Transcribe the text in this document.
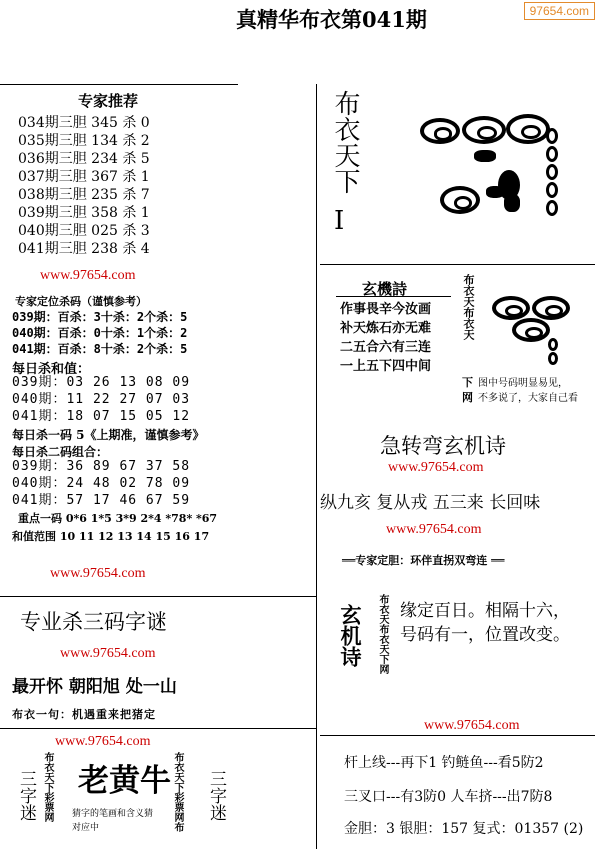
97654.com
真精华布衣第041期
专家推荐
034期三胆 345 杀 0
035期三胆 134 杀 2
036期三胆 234 杀 5
037期三胆 367 杀 1
038期三胆 235 杀 7
039期三胆 358 杀 1
040期三胆 025 杀 3
041期三胆 238 杀 4
www.97654.com
专家定位杀码（谨慎参考）
039期：百杀：3十杀：2个杀：5
040期：百杀：0十杀：1个杀：2
041期：百杀：8十杀：2个杀：5
每日杀和值：
039期：03 26 13 08 09
040期：11 22 27 07 03
041期：18 07 15 05 12
每日杀一码 5《上期准，谨慎参考》
每日杀二码组合：
039期：36 89 67 37 58
040期：24 48 02 78 09
041期：57 17 46 67 59
重点一码 0*6 1*5 3*9 2*4 *78* *67
和值范围 10 11 12 13 14 15 16 17
www.97654.com
专业杀三码字谜
www.97654.com
最开怀 朝阳旭 处一山
布衣一句：机遇重来把猪定
www.97654.com
三字迷 布衣天下彩票网 老黄牛
猜字的笔画和含义猜
对应中	布衣天下彩票网布 三字迷
布衣天下
I
玄機詩
作事畏辛今汝画
补天炼石亦无难
二五合六有三连
一上五下四中间
布衣天布衣天
下 图中号码明显易见，
网 不多说了，大家自己看
急转弯玄机诗
www.97654.com
纵九亥 复从戎 五三来 长回味
www.97654.com
══专家定胆：环伴直拐双弯连 ══
玄机诗 布衣天布衣天下网 缘定百日。相隔十六，
号码有一，位置改变。
www.97654.com
杆上线---再下1 钓鲢鱼---看5防2
三叉口---有3防0 人车挤---出7防8
金胆：3 银胆：157 复式：01357 (2)
